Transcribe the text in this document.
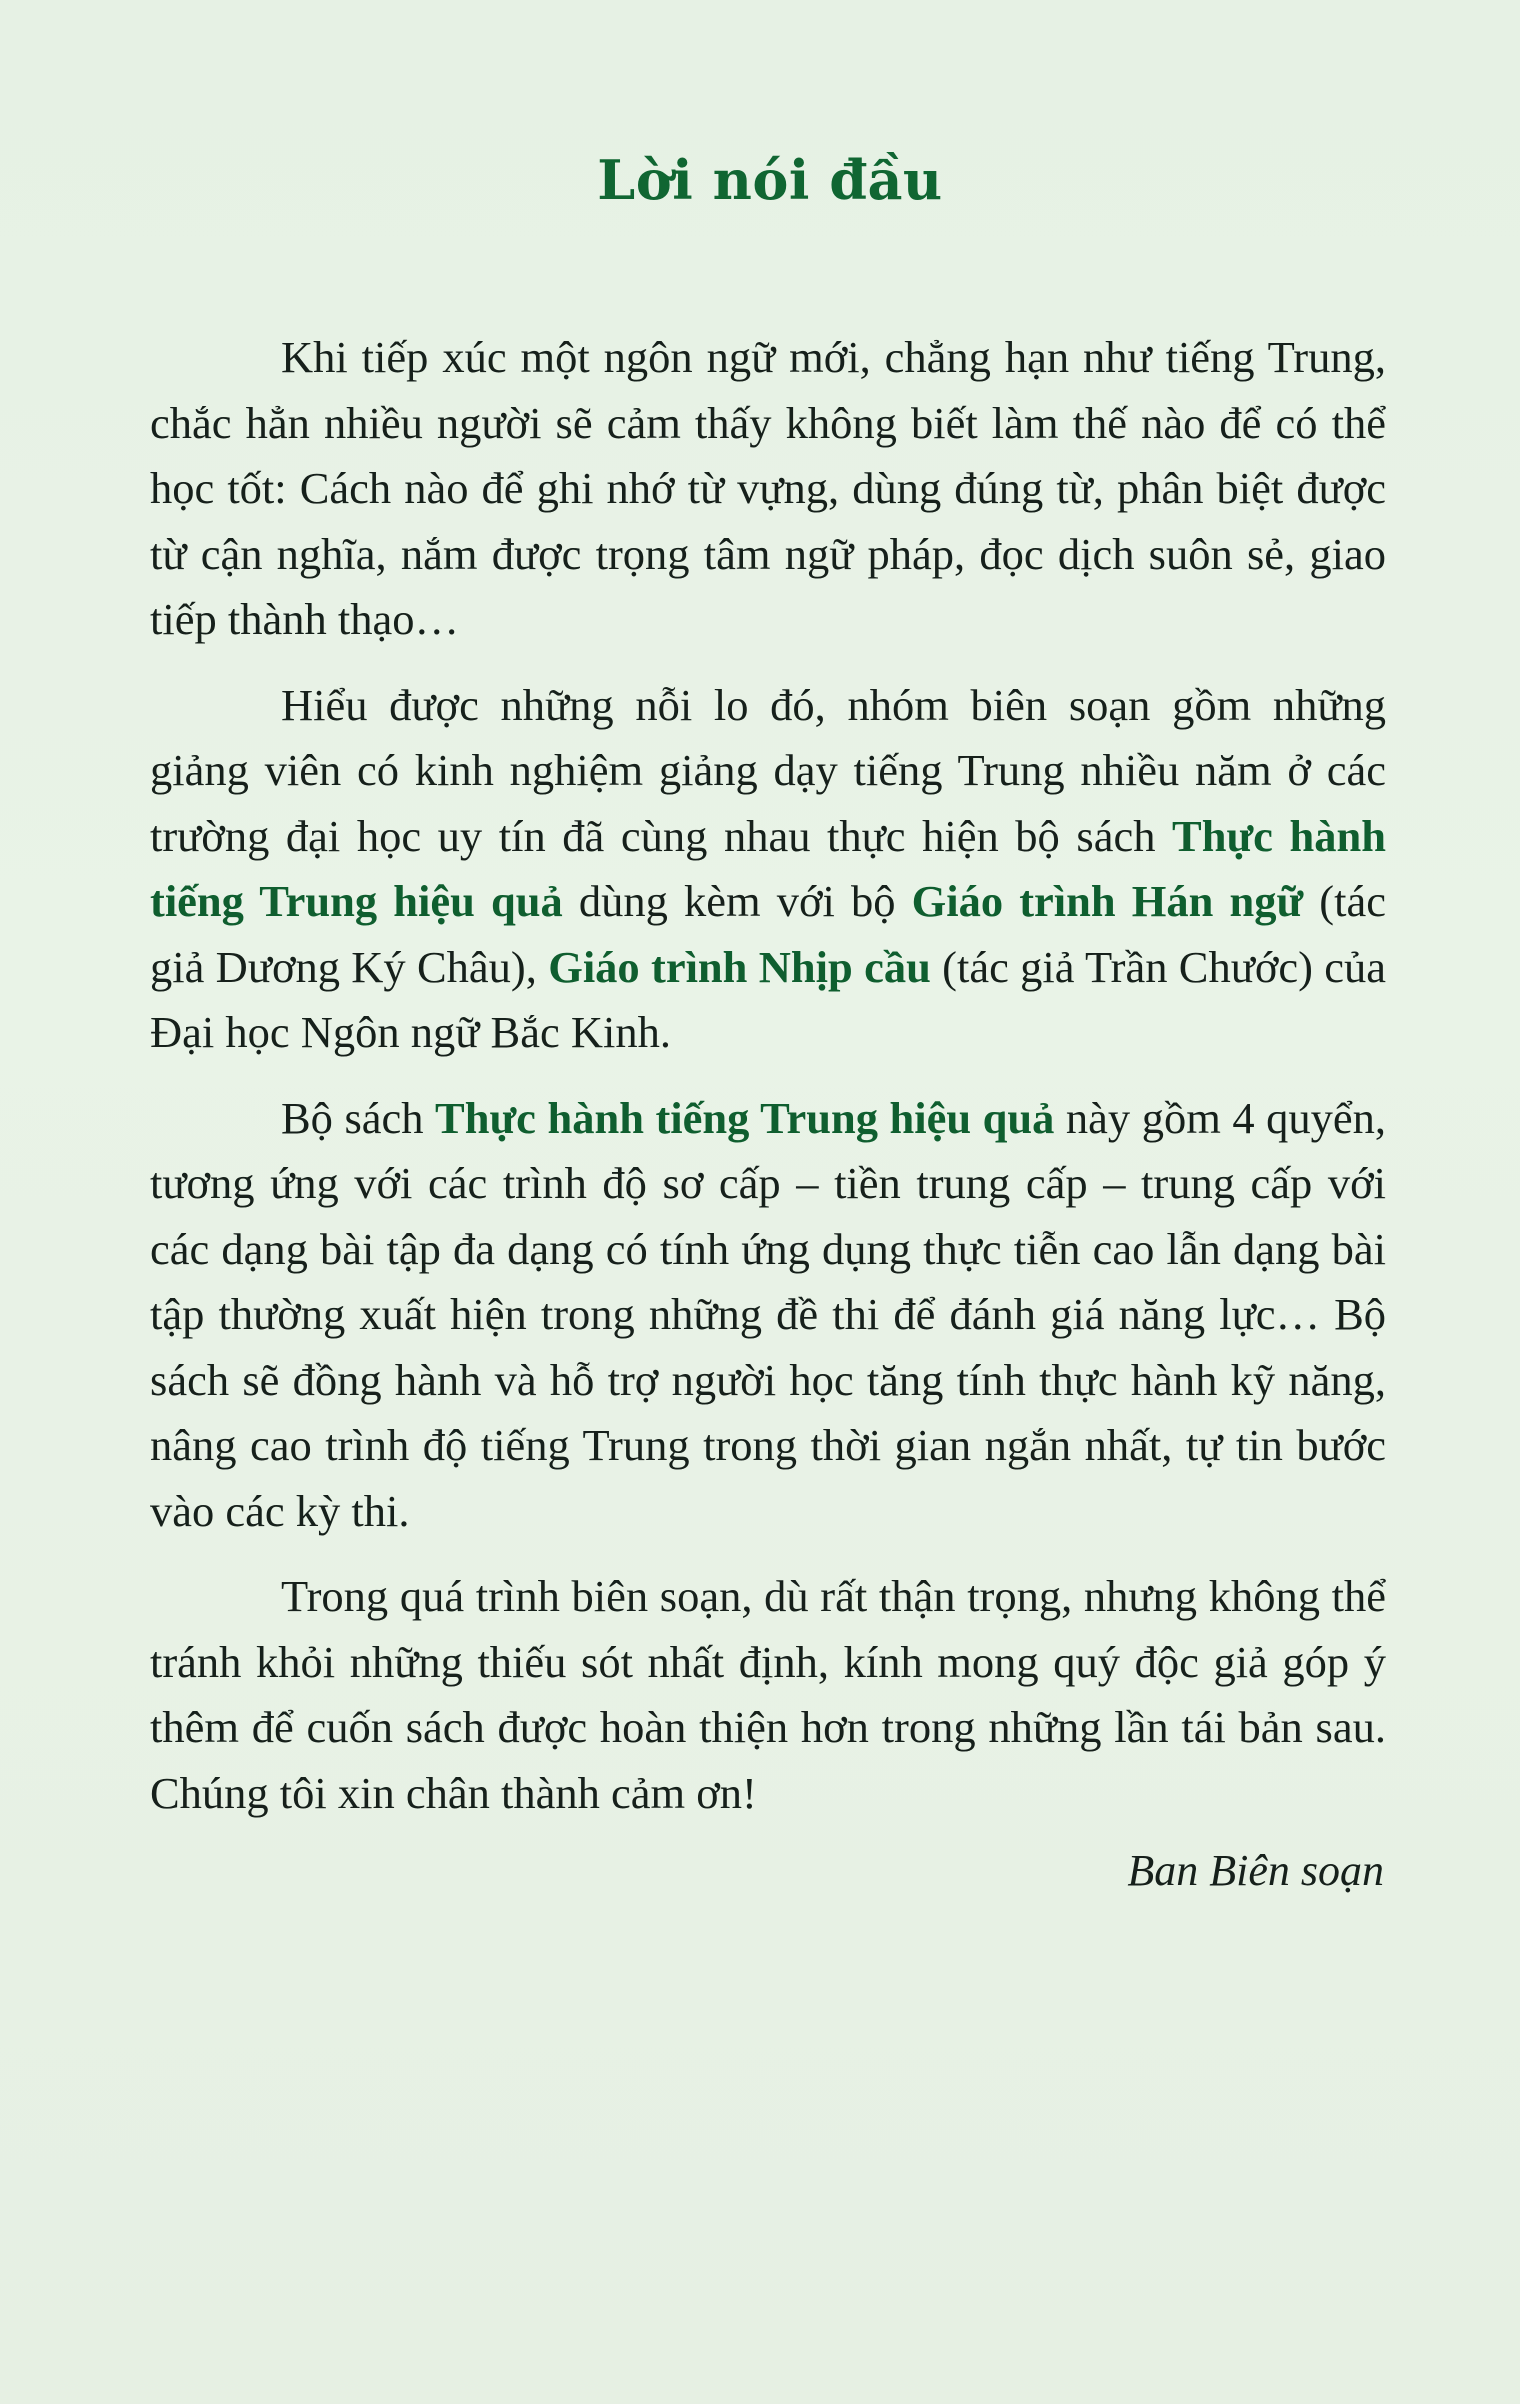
Lời nói đầu

Khi tiếp xúc một ngôn ngữ mới, chẳng hạn như tiếng Trung, chắc hẳn nhiều người sẽ cảm thấy không biết làm thế nào để có thể học tốt: Cách nào để ghi nhớ từ vựng, dùng đúng từ, phân biệt được từ cận nghĩa, nắm được trọng tâm ngữ pháp, đọc dịch suôn sẻ, giao tiếp thành thạo…

Hiểu được những nỗi lo đó, nhóm biên soạn gồm những giảng viên có kinh nghiệm giảng dạy tiếng Trung nhiều năm ở các trường đại học uy tín đã cùng nhau thực hiện bộ sách Thực hành tiếng Trung hiệu quả dùng kèm với bộ Giáo trình Hán ngữ (tác giả Dương Ký Châu), Giáo trình Nhịp cầu (tác giả Trần Chước) của Đại học Ngôn ngữ Bắc Kinh.

Bộ sách Thực hành tiếng Trung hiệu quả này gồm 4 quyển, tương ứng với các trình độ sơ cấp – tiền trung cấp – trung cấp với các dạng bài tập đa dạng có tính ứng dụng thực tiễn cao lẫn dạng bài tập thường xuất hiện trong những đề thi để đánh giá năng lực… Bộ sách sẽ đồng hành và hỗ trợ người học tăng tính thực hành kỹ năng, nâng cao trình độ tiếng Trung trong thời gian ngắn nhất, tự tin bước vào các kỳ thi.

Trong quá trình biên soạn, dù rất thận trọng, nhưng không thể tránh khỏi những thiếu sót nhất định, kính mong quý độc giả góp ý thêm để cuốn sách được hoàn thiện hơn trong những lần tái bản sau. Chúng tôi xin chân thành cảm ơn!

Ban Biên soạn
